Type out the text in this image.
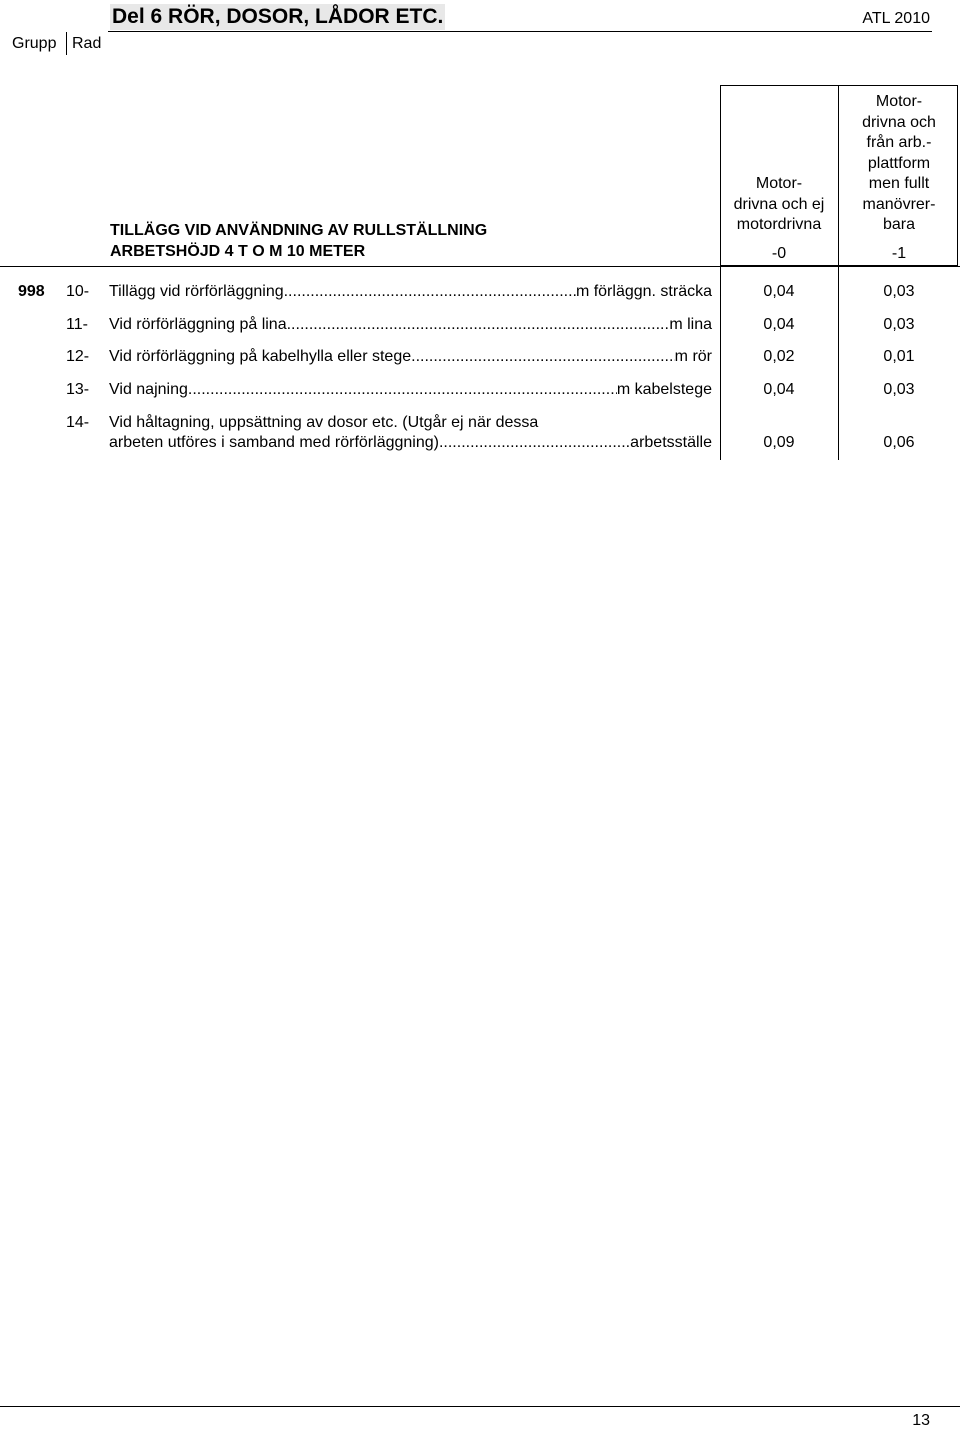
Del 6 RÖR, DOSOR, LÅDOR ETC.	ATL 2010
Grupp Rad
TILLÄGG VID ANVÄNDNING AV RULLSTÄLLNING
ARBETSHÖJD 4 T O M 10 METER
Motor-
drivna och ej
motordrivna
Motor-
drivna och
från arb.-
plattform
men fullt
manövrer-
bara
-0	-1
998 10- Tillägg vid rörförläggning .....	m förläggn. sträcka	0,04	0,03
11- Vid rörförläggning på lina .....	m lina	0,04	0,03
12- Vid rörförläggning på kabelhylla eller stege .....	m rör	0,02	0,01
13- Vid najning .....	m kabelstege	0,04	0,03
14- Vid håltagning, uppsättning av dosor etc. (Utgår ej när dessa
arbeten utföres i samband med rörförläggning) .....	arbetsställe	0,09	0,06
13
